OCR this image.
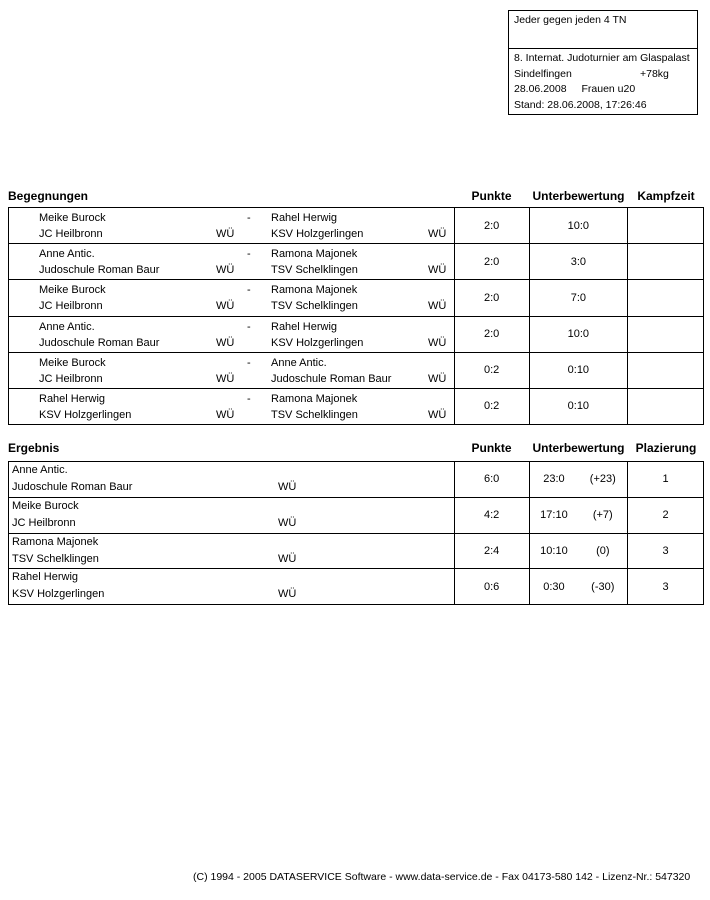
Jeder gegen jeden 4 TN
8. Internat. Judoturnier am Glaspalast
Sindelfingen	+78kg
28.06.2008 Frauen u20
Stand: 28.06.2008, 17:26:46
Begegnungen	Punkte	Unterbewertung	Kampfzeit
Meike Burock	- Rahel Herwig
JC Heilbronn	WÜ	KSV Holzgerlingen	WÜ
2:0	10:0
Anne Antic.	- Ramona Majonek
Judoschule Roman Baur	WÜ	TSV Schelklingen	WÜ
2:0	3:0
Meike Burock	- Ramona Majonek
JC Heilbronn	WÜ	TSV Schelklingen	WÜ
2:0	7:0
Anne Antic.	- Rahel Herwig
Judoschule Roman Baur	WÜ	KSV Holzgerlingen	WÜ
2:0	10:0
Meike Burock	- Anne Antic.
JC Heilbronn	WÜ	Judoschule Roman Baur	WÜ
0:2	0:10
Rahel Herwig	- Ramona Majonek
KSV Holzgerlingen	WÜ	TSV Schelklingen	WÜ
0:2	0:10
Ergebnis	Punkte	Unterbewertung Plazierung
Anne Antic.
Judoschule Roman Baur	WÜ
6:0	23:0	(+23)	1
Meike Burock
JC Heilbronn	WÜ
4:2	17:10	(+7)	2
Ramona Majonek
TSV Schelklingen	WÜ
2:4	10:10	(0)	3
Rahel Herwig
KSV Holzgerlingen	WÜ
0:6	0:30	(-30)	3
(C) 1994 - 2005 DATASERVICE Software - www.data-service.de - Fax 04173-580 142 - Lizenz-Nr.: 547320
